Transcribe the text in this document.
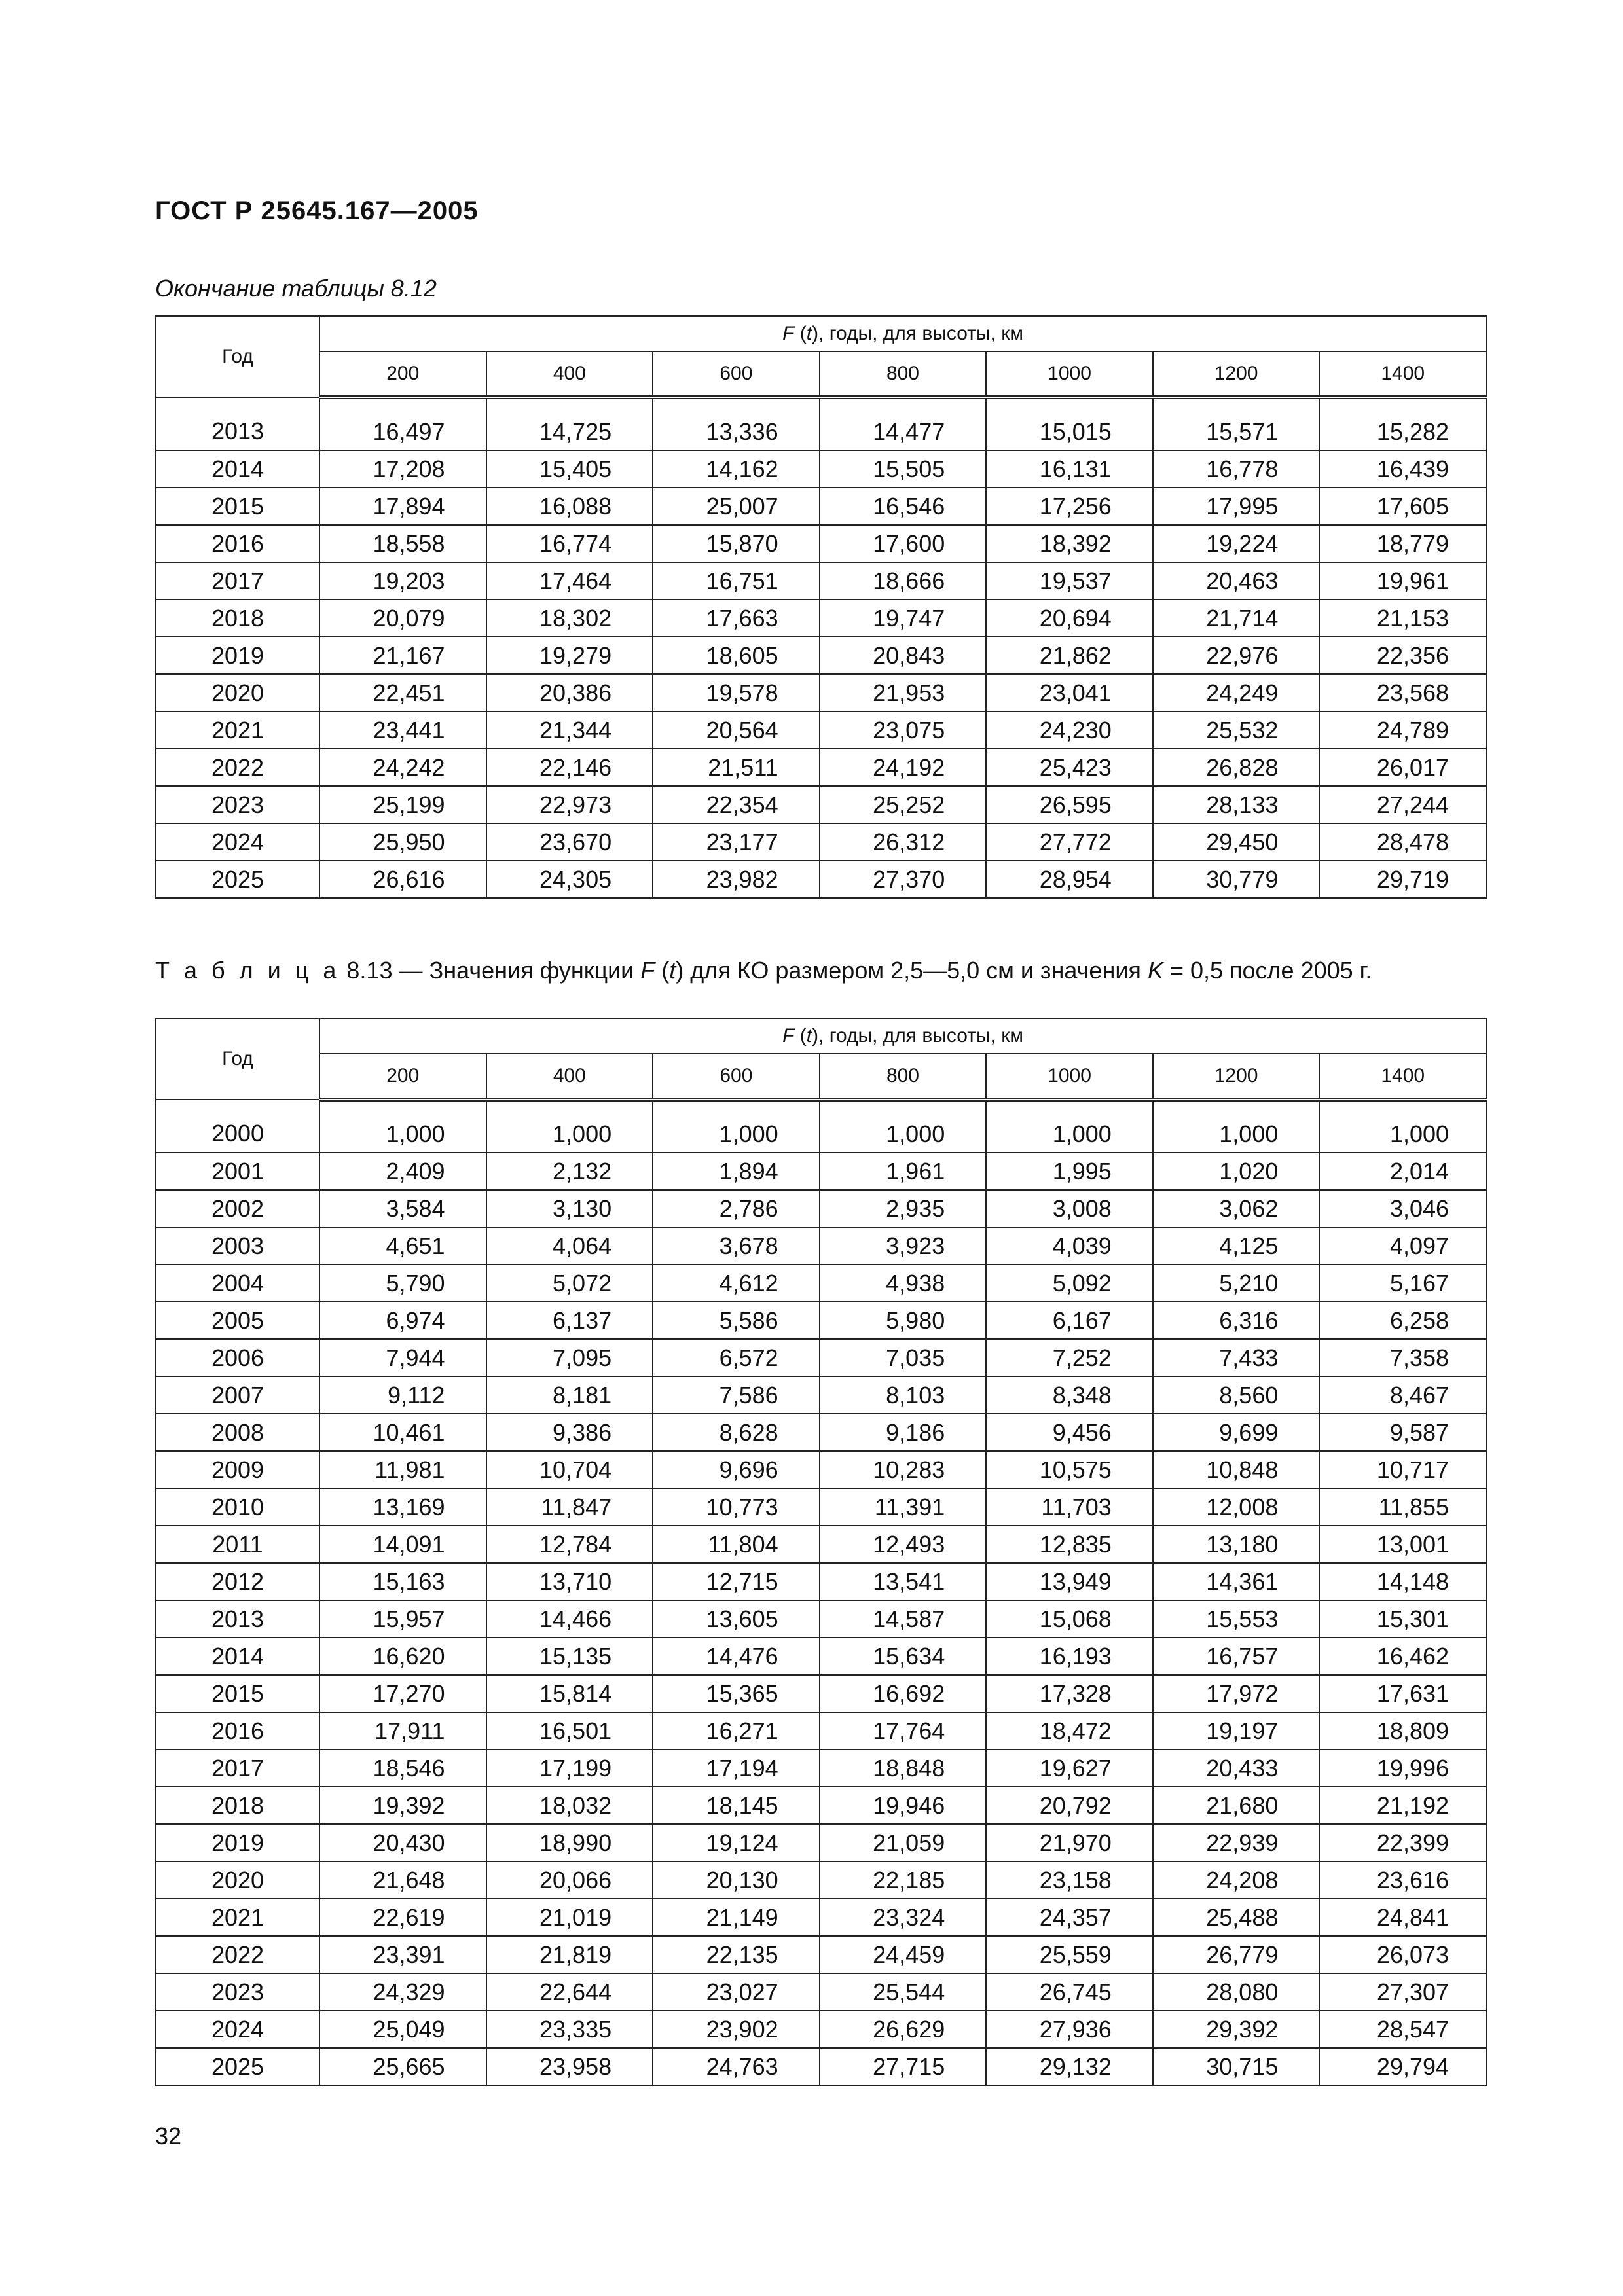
ГОСТ Р 25645.167—2005
Окончание таблицы 8.12
Год	F (t), годы, для высоты, км						
	200	400	600	800	1000	1200	1400
2013	16,497	14,725	13,336	14,477	15,015	15,571	15,282
2014	17,208	15,405	14,162	15,505	16,131	16,778	16,439
2015	17,894	16,088	25,007	16,546	17,256	17,995	17,605
2016	18,558	16,774	15,870	17,600	18,392	19,224	18,779
2017	19,203	17,464	16,751	18,666	19,537	20,463	19,961
2018	20,079	18,302	17,663	19,747	20,694	21,714	21,153
2019	21,167	19,279	18,605	20,843	21,862	22,976	22,356
2020	22,451	20,386	19,578	21,953	23,041	24,249	23,568
2021	23,441	21,344	20,564	23,075	24,230	25,532	24,789
2022	24,242	22,146	21,511	24,192	25,423	26,828	26,017
2023	25,199	22,973	22,354	25,252	26,595	28,133	27,244
2024	25,950	23,670	23,177	26,312	27,772	29,450	28,478
2025	26,616	24,305	23,982	27,370	28,954	30,779	29,719
Т а б л и ц а 8.13 — Значения функции F (t) для КО размером 2,5—5,0 см и значения K = 0,5 после 2005 г.
Год	F (t), годы, для высоты, км						
	200	400	600	800	1000	1200	1400
2000	1,000	1,000	1,000	1,000	1,000	1,000	1,000
2001	2,409	2,132	1,894	1,961	1,995	1,020	2,014
2002	3,584	3,130	2,786	2,935	3,008	3,062	3,046
2003	4,651	4,064	3,678	3,923	4,039	4,125	4,097
2004	5,790	5,072	4,612	4,938	5,092	5,210	5,167
2005	6,974	6,137	5,586	5,980	6,167	6,316	6,258
2006	7,944	7,095	6,572	7,035	7,252	7,433	7,358
2007	9,112	8,181	7,586	8,103	8,348	8,560	8,467
2008	10,461	9,386	8,628	9,186	9,456	9,699	9,587
2009	11,981	10,704	9,696	10,283	10,575	10,848	10,717
2010	13,169	11,847	10,773	11,391	11,703	12,008	11,855
2011	14,091	12,784	11,804	12,493	12,835	13,180	13,001
2012	15,163	13,710	12,715	13,541	13,949	14,361	14,148
2013	15,957	14,466	13,605	14,587	15,068	15,553	15,301
2014	16,620	15,135	14,476	15,634	16,193	16,757	16,462
2015	17,270	15,814	15,365	16,692	17,328	17,972	17,631
2016	17,911	16,501	16,271	17,764	18,472	19,197	18,809
2017	18,546	17,199	17,194	18,848	19,627	20,433	19,996
2018	19,392	18,032	18,145	19,946	20,792	21,680	21,192
2019	20,430	18,990	19,124	21,059	21,970	22,939	22,399
2020	21,648	20,066	20,130	22,185	23,158	24,208	23,616
2021	22,619	21,019	21,149	23,324	24,357	25,488	24,841
2022	23,391	21,819	22,135	24,459	25,559	26,779	26,073
2023	24,329	22,644	23,027	25,544	26,745	28,080	27,307
2024	25,049	23,335	23,902	26,629	27,936	29,392	28,547
2025	25,665	23,958	24,763	27,715	29,132	30,715	29,794
32
